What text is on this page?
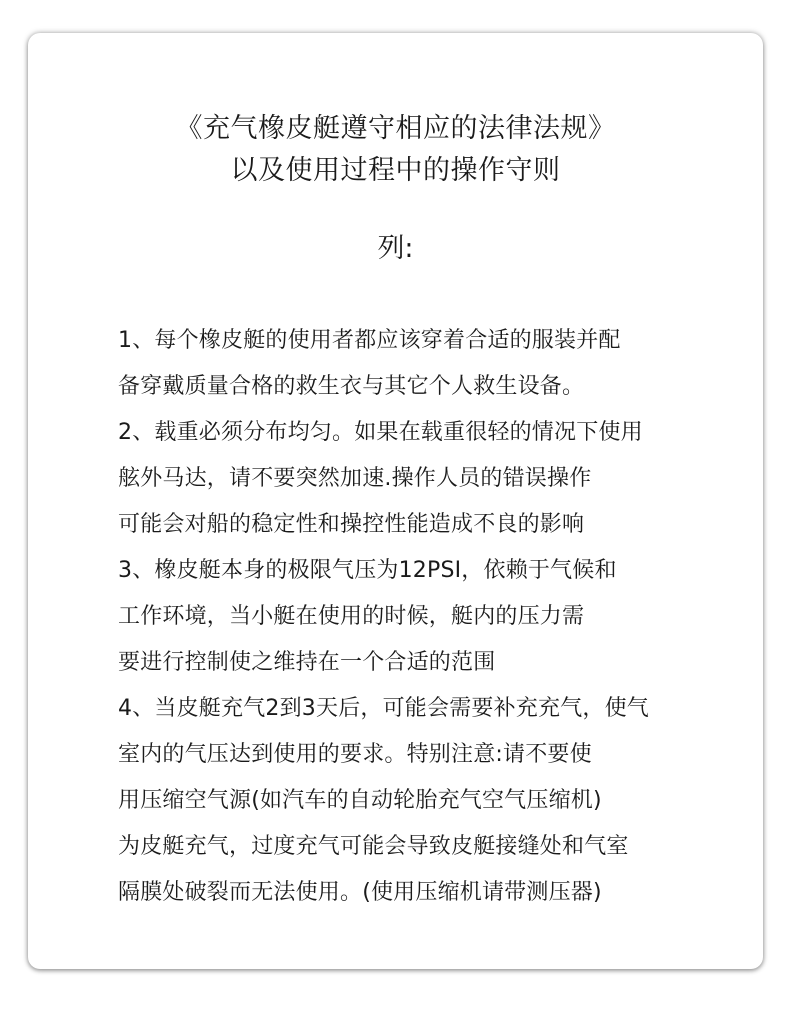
《充气橡皮艇遵守相应的法律法规》
以及使用过程中的操作守则
列:
1、每个橡皮艇的使用者都应该穿着合适的服装并配
备穿戴质量合格的救生衣与其它个人救生设备。
2、载重必须分布均匀。如果在载重很轻的情况下使用
舷外马达，请不要突然加速.操作人员的错误操作
可能会对船的稳定性和操控性能造成不良的影响
3、橡皮艇本身的极限气压为12PSI，依赖于气候和
工作环境，当小艇在使用的时候，艇内的压力需
要进行控制使之维持在一个合适的范围
4、当皮艇充气2到3天后，可能会需要补充充气，使气
室内的气压达到使用的要求。特别注意:请不要使
用压缩空气源(如汽车的自动轮胎充气空气压缩机)
为皮艇充气，过度充气可能会导致皮艇接缝处和气室
隔膜处破裂而无法使用。(使用压缩机请带测压器)
